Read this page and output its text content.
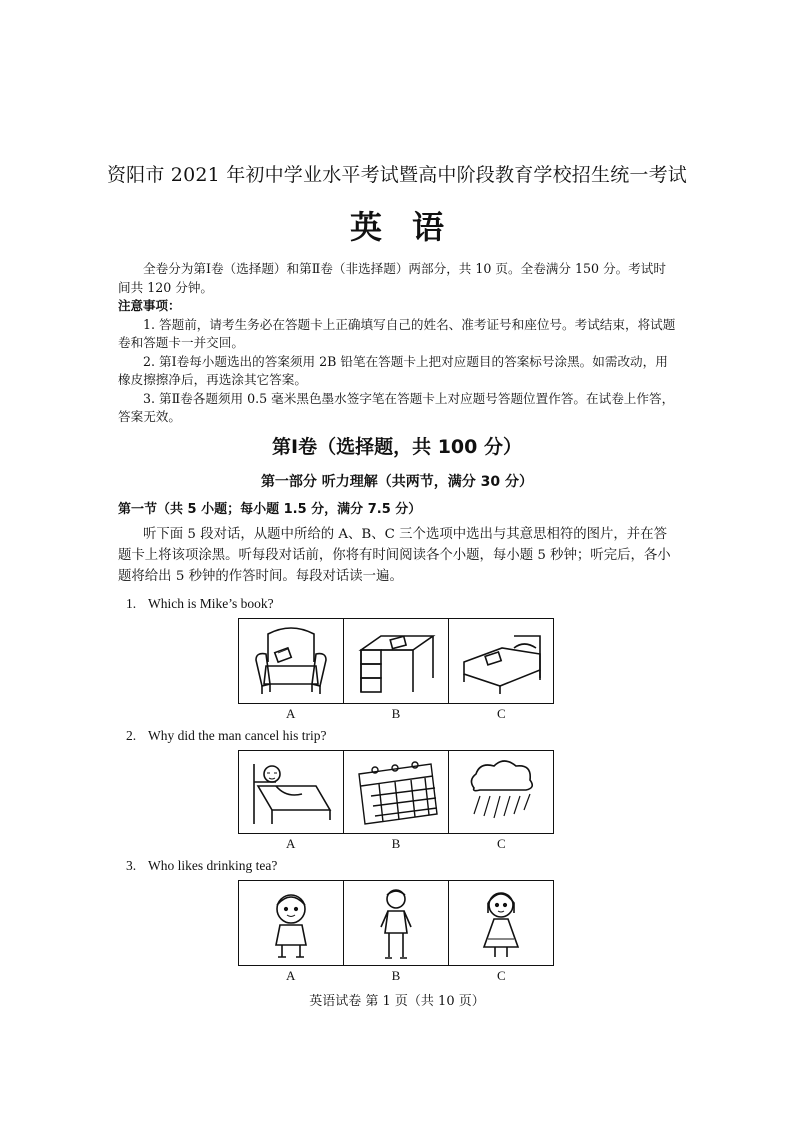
资阳市 2021 年初中学业水平考试暨高中阶段教育学校招生统一考试
英语

全卷分为第Ⅰ卷（选择题）和第Ⅱ卷（非选择题）两部分，共 10 页。全卷满分 150 分。考试时间共 120 分钟。

注意事项：

1. 答题前，请考生务必在答题卡上正确填写自己的姓名、准考证号和座位号。考试结束，将试题卷和答题卡一并交回。

2. 第Ⅰ卷每小题选出的答案须用 2B 铅笔在答题卡上把对应题目的答案标号涂黑。如需改动，用橡皮擦擦净后，再选涂其它答案。

3. 第Ⅱ卷各题须用 0.5 毫米黑色墨水签字笔在答题卡上对应题号答题位置作答。在试卷上作答，答案无效。

第Ⅰ卷（选择题，共 100 分）
第一部分 听力理解（共两节，满分 30 分）
第一节（共 5 小题；每小题 1.5 分，满分 7.5 分）

听下面 5 段对话，从题中所给的 A、B、C 三个选项中选出与其意思相符的图片，并在答题卡上将该项涂黑。听每段对话前，你将有时间阅读各个小题，每小题 5 秒钟；听完后，各小题将给出 5 秒钟的作答时间。每段对话读一遍。

1. Which is Mike’s book?
A	B	C
2. Why did the man cancel his trip?
A	B	C
3. Who likes drinking tea?
A	B	C
英语试卷 第 1 页（共 10 页）
